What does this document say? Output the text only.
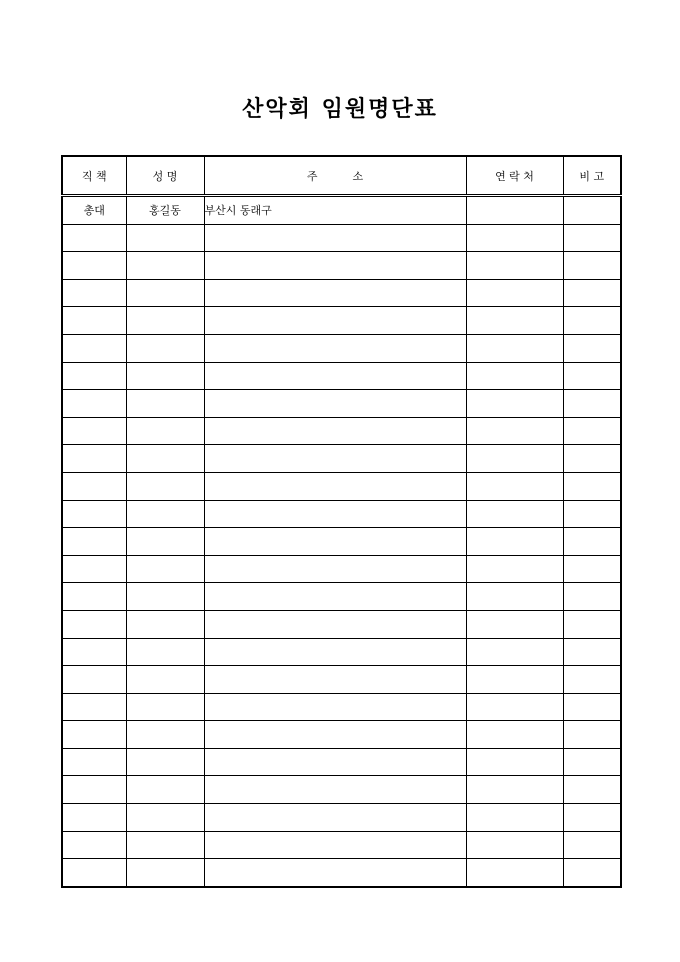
산악회 임원명단표
직 책	성 명	주          소	연 락 처	비 고
총대	홍길동	부산시 동래구		
